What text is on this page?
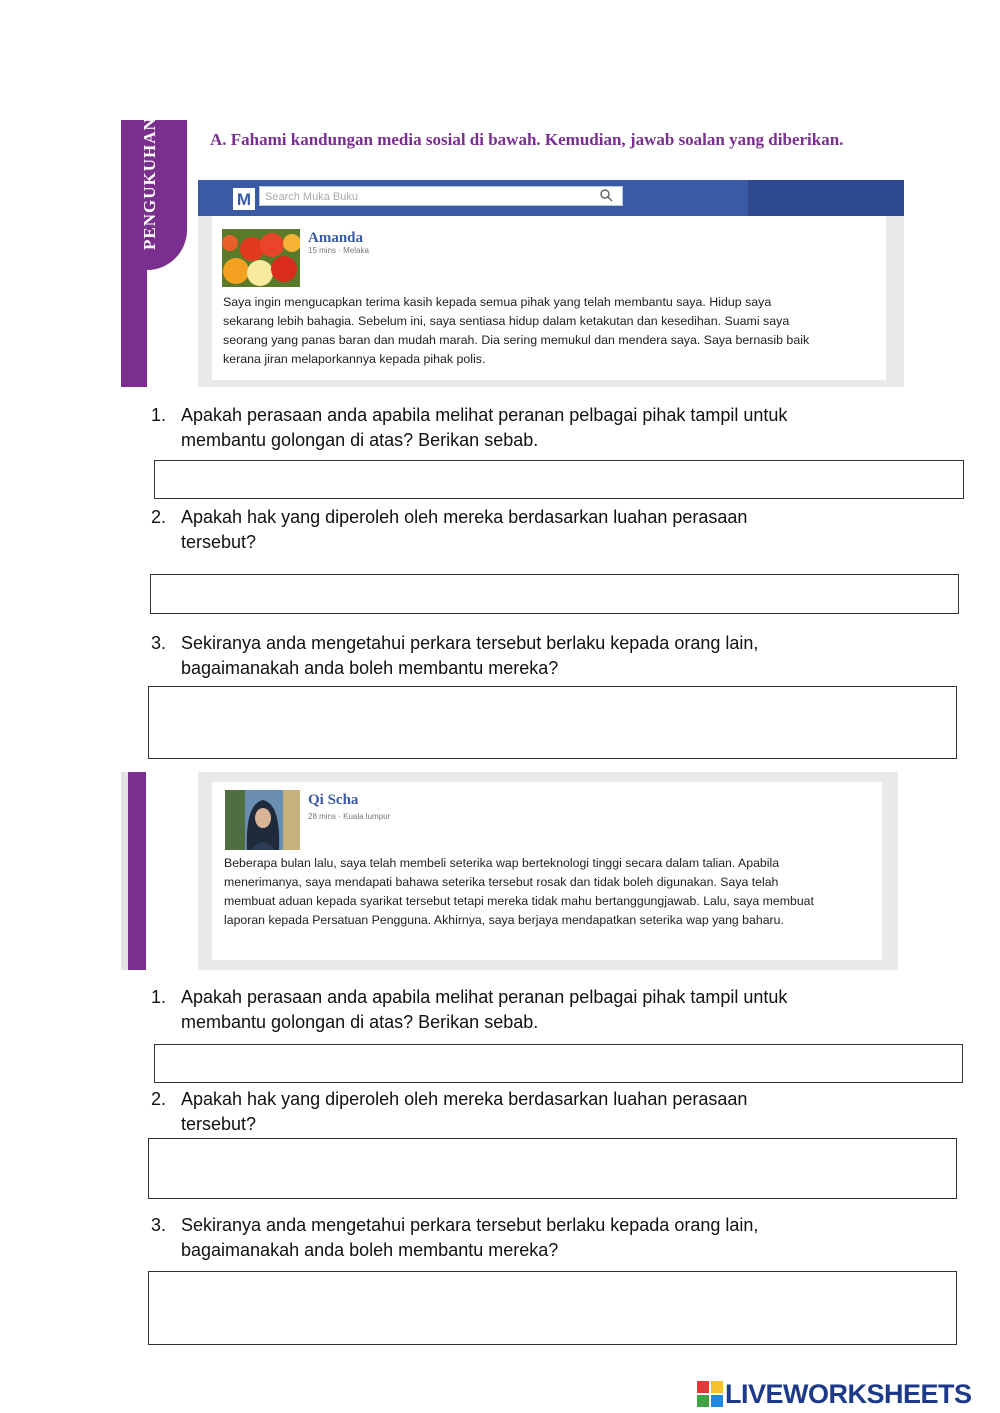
PENGUKUHAN	A. Fahami kandungan media sosial di bawah. Kemudian, jawab soalan yang diberikan.
M	Search Muka Buku
Amanda
15 mins · Melaka
Saya ingin mengucapkan terima kasih kepada semua pihak yang telah membantu saya. Hidup saya
sekarang lebih bahagia. Sebelum ini, saya sentiasa hidup dalam ketakutan dan kesedihan. Suami saya
seorang yang panas baran dan mudah marah. Dia sering memukul dan mendera saya. Saya bernasib baik
kerana jiran melaporkannya kepada pihak polis.
1. Apakah perasaan anda apabila melihat peranan pelbagai pihak tampil untuk
membantu golongan di atas? Berikan sebab.
2. Apakah hak yang diperoleh oleh mereka berdasarkan luahan perasaan
tersebut?
3. Sekiranya anda mengetahui perkara tersebut berlaku kepada orang lain,
bagaimanakah anda boleh membantu mereka?
Qi Scha
28 mins · Kuala lumpur
Beberapa bulan lalu, saya telah membeli seterika wap berteknologi tinggi secara dalam talian. Apabila
menerimanya, saya mendapati bahawa seterika tersebut rosak dan tidak boleh digunakan. Saya telah
membuat aduan kepada syarikat tersebut tetapi mereka tidak mahu bertanggungjawab. Lalu, saya membuat
laporan kepada Persatuan Pengguna. Akhirnya, saya berjaya mendapatkan seterika wap yang baharu.
1. Apakah perasaan anda apabila melihat peranan pelbagai pihak tampil untuk
membantu golongan di atas? Berikan sebab.
2. Apakah hak yang diperoleh oleh mereka berdasarkan luahan perasaan
tersebut?
3. Sekiranya anda mengetahui perkara tersebut berlaku kepada orang lain,
bagaimanakah anda boleh membantu mereka?
LIVEWORKSHEETS
